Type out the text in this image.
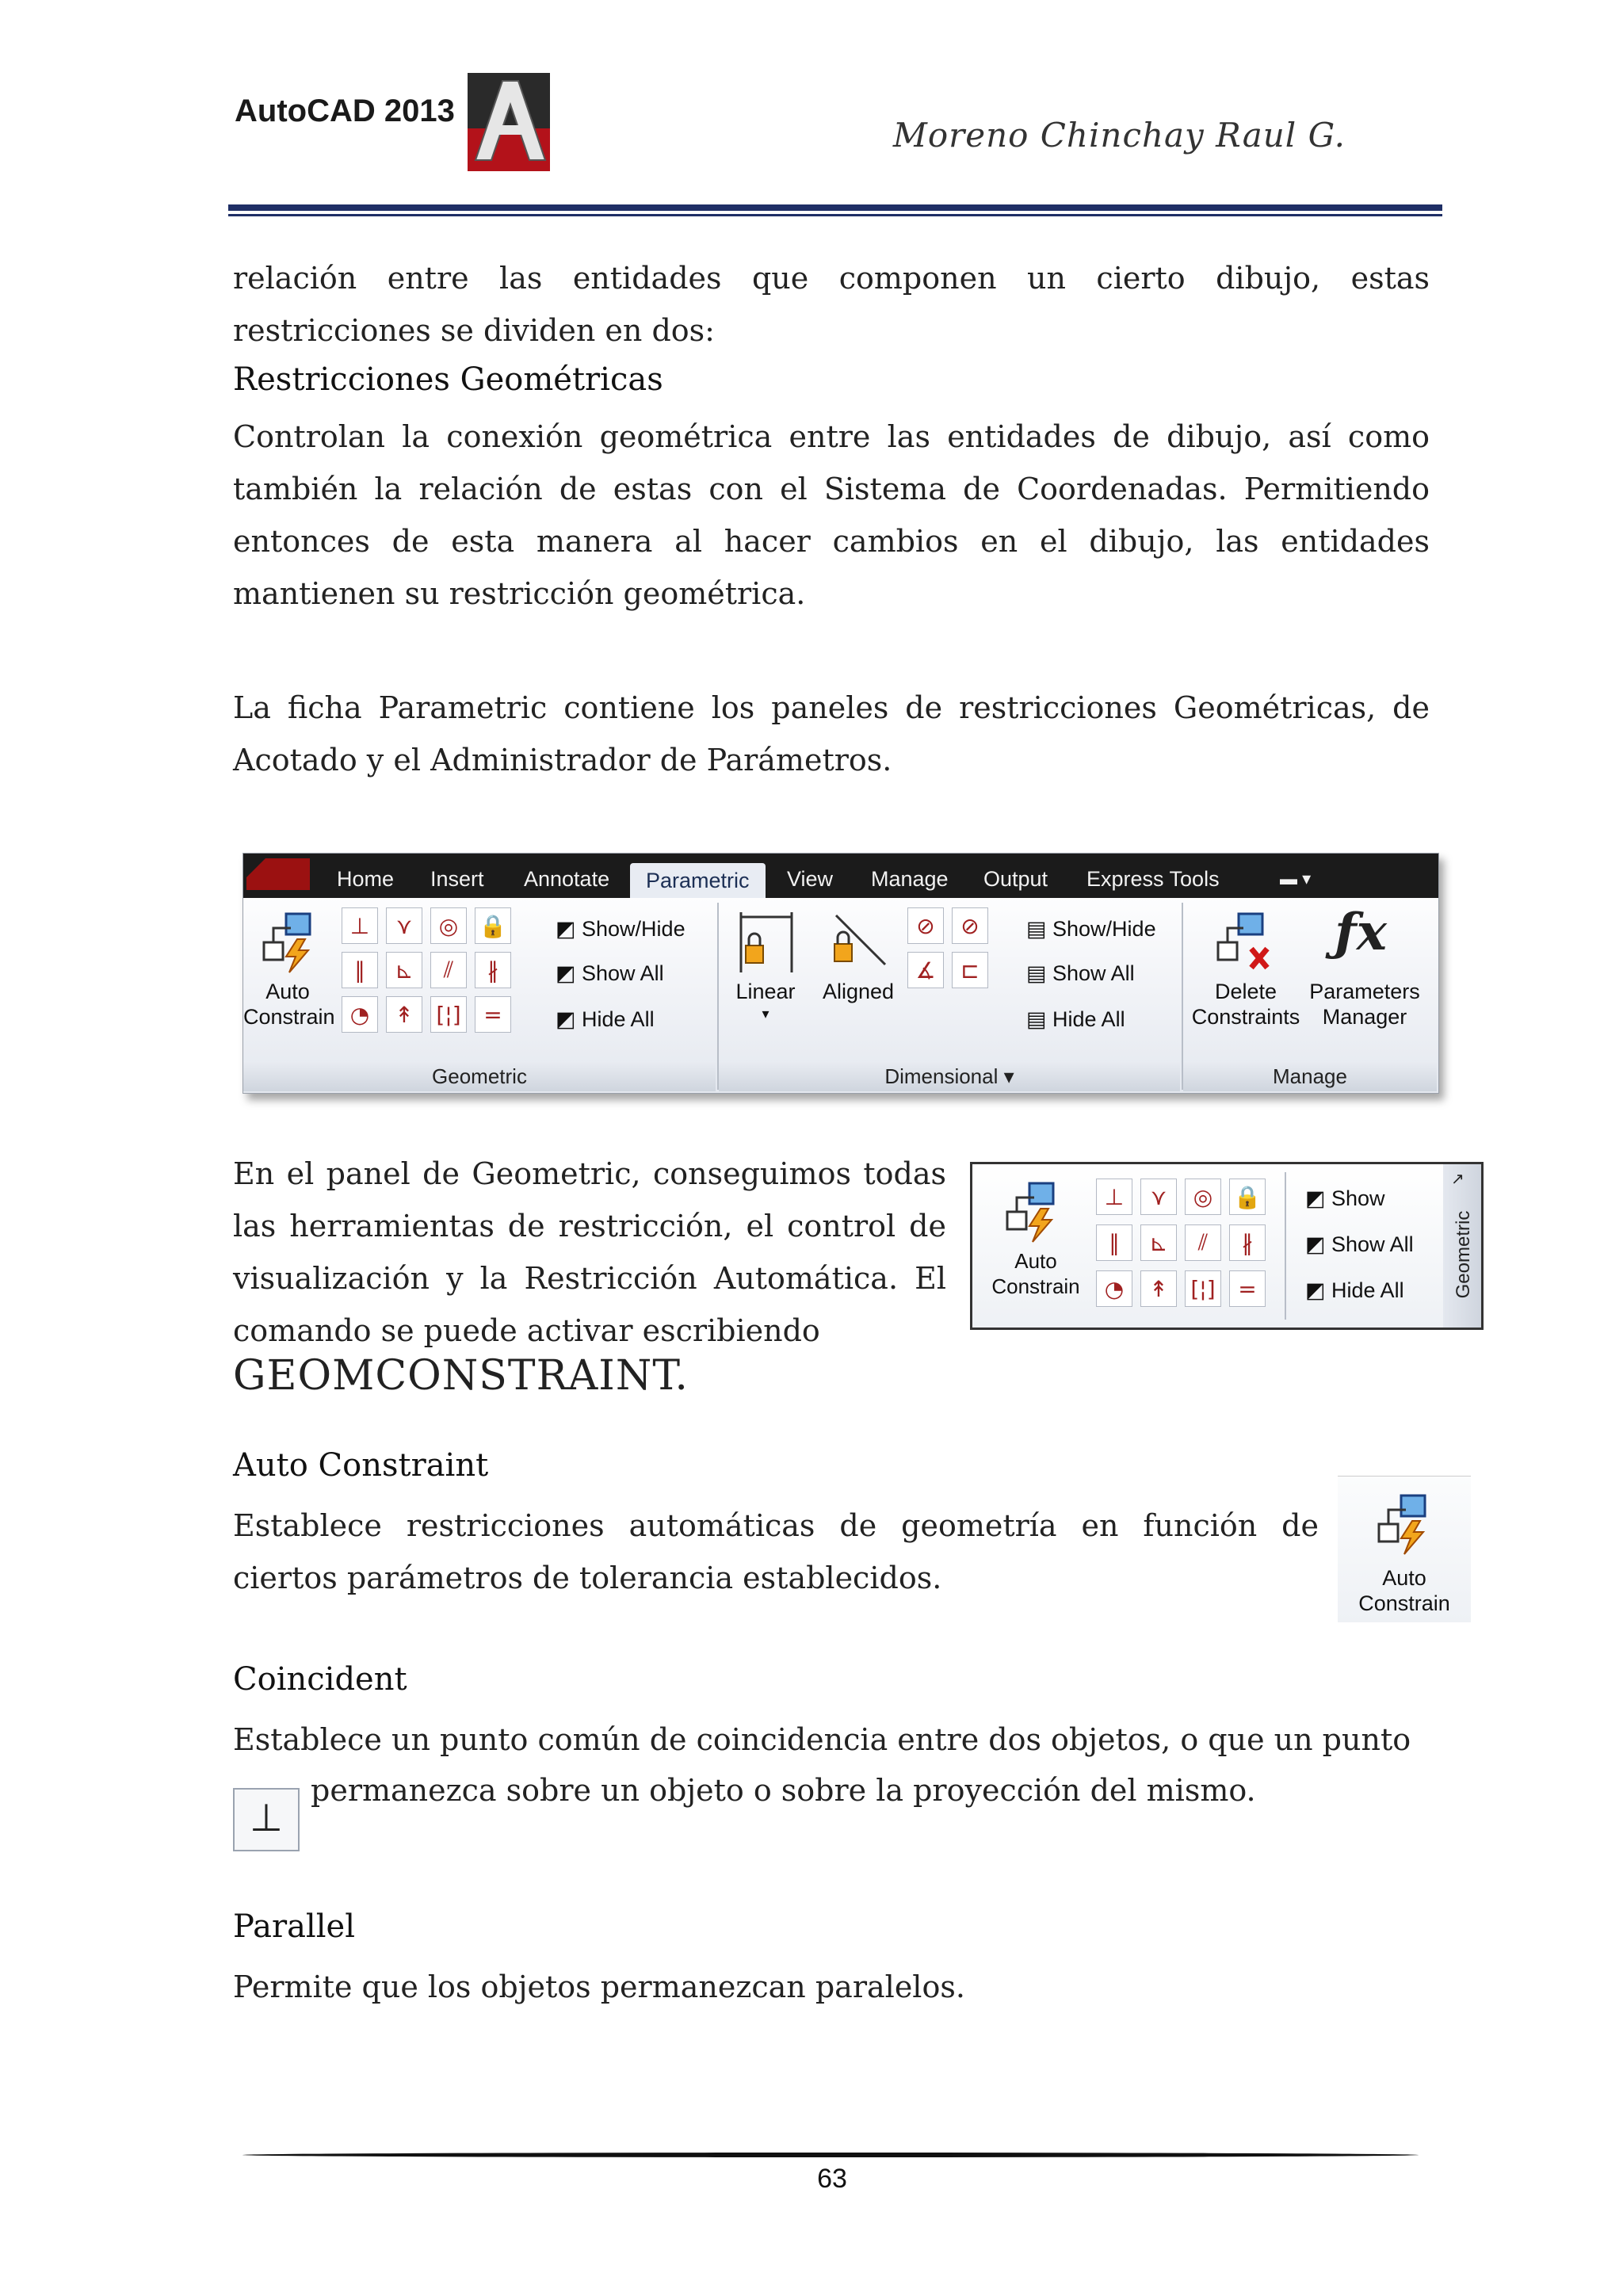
AutoCAD 2013
Moreno Chinchay Raul G.
relación entre las entidades que componen un cierto dibujo, estas restricciones se dividen en dos:
Restricciones Geométricas
Controlan la conexión geométrica entre las entidades de dibujo, así como también la relación de estas con el Sistema de Coordenadas. Permitiendo entonces de esta manera al hacer cambios en el dibujo, las entidades mantienen su restricción geométrica.
La ficha Parametric contiene los paneles de restricciones Geométricas, de Acotado y el Administrador de Parámetros.
Home Insert Annotate	Parametric	View Manage Output Express Tools	▬ ▾
Auto
Constrain
⊥	⋎	◎ 🔒
∥	⊾	⫽	∦
◔	↟	[¦]	=
◩ Show/Hide
◩ Show All
◩ Hide All
Linear
▾
Aligned
⊘	⊘
∡	⊏
▤ Show/Hide
▤ Show All
▤ Hide All
Delete
Constraints
ƒx
Parameters
Manager
Geometric	Dimensional ▾	Manage
En el panel de Geometric, conseguimos todas las herramientas de restricción, el control de visualización y la Restricción Automática. El comando se puede activar escribiendo
GEOMCONSTRAINT.
Auto
Constrain
⊥	⋎	◎ 🔒
∥	⊾	⫽	∦
◔	↟	[¦]	=
◩ Show
◩ Show All
◩ Hide All
↗
Geometric
Auto Constraint
Establece restricciones automáticas de geometría en función de ciertos parámetros de tolerancia establecidos.	Auto
Constrain
Coincident
Establece un punto común de coincidencia entre dos objetos, o que un punto
permanezca sobre un objeto o sobre la proyección del mismo.
⊥
Parallel
Permite que los objetos permanezcan paralelos.
63
